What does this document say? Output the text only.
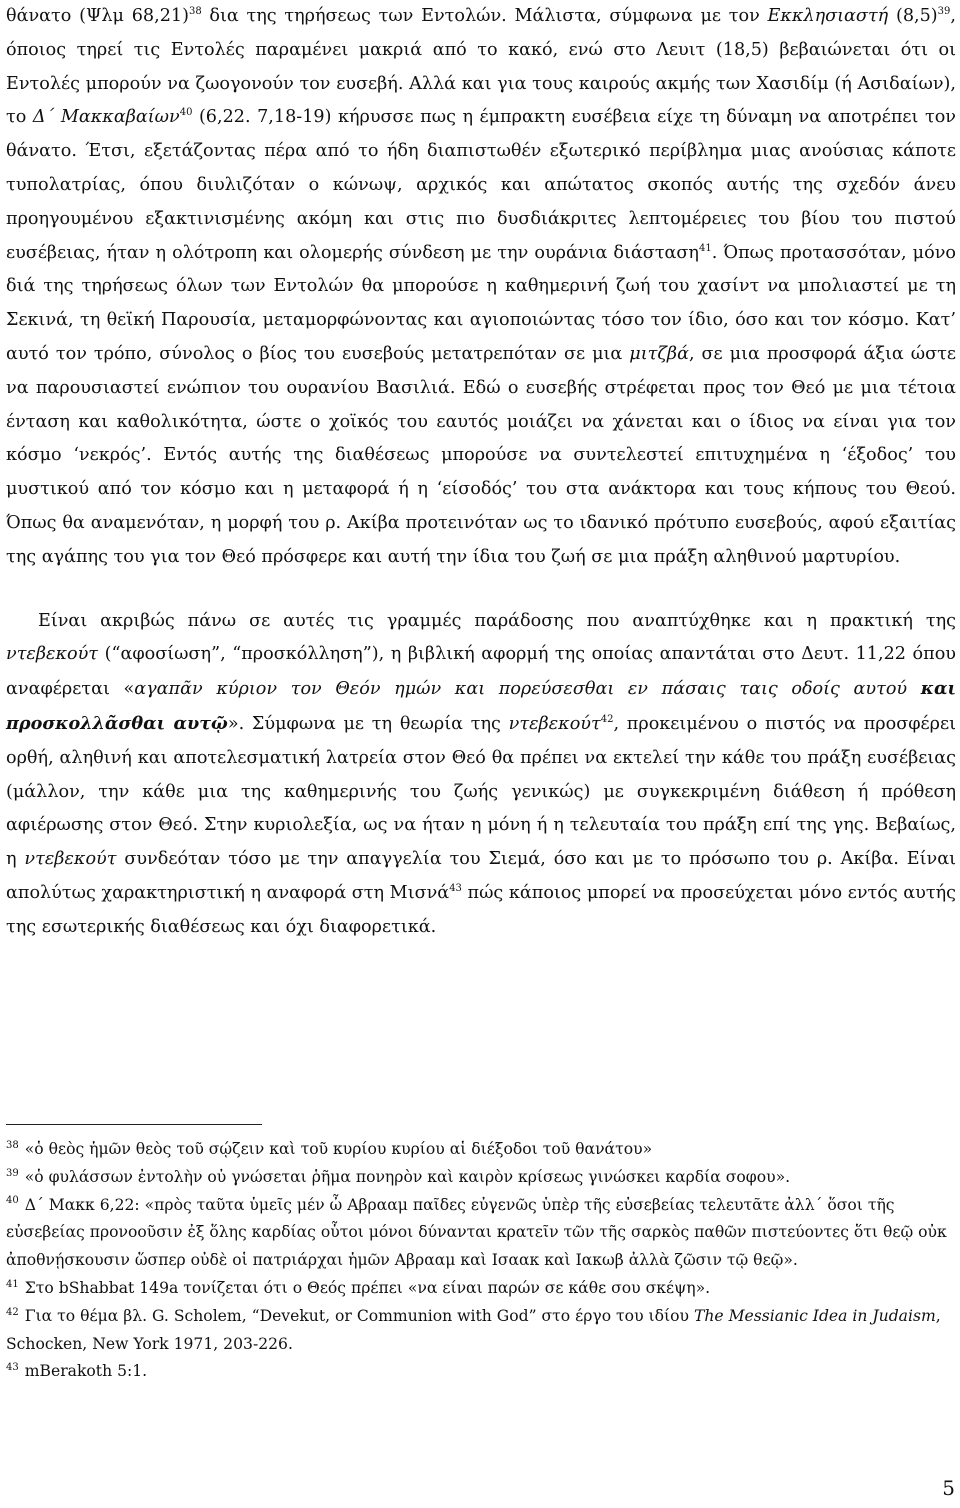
θάνατο (Ψλμ 68,21)$^{38}$ δια της τηρήσεως των Εντολών. Μάλιστα, σύμφωνα με τον Εκκλησιαστή $(8,5)^{39}$, όποιος τηρεί τις Εντολές παραμένει μακριά από το κακό, ενώ στο Λευιτ (18,5) βεβαιώνεται ότι οι Εντολές μπορούν να ζωογονούν τον ευσεβή. Αλλά και για τους καιρούς ακμής των Χασιδίμ (ή Ασιδαίων), το Δ΄ Μακκαβαίων$^{40}$ (6,22. 7,18-19) κήρυσσε πως η έμπρακτη ευσέβεια είχε τη δύναμη να αποτρέπει τον θάνατο. Έτσι, εξετάζοντας πέρα από το ήδη διαπιστωθέν εξωτερικό περίβλημα μιας ανούσιας κάποτε τυπολατρίας, όπου διυλιζόταν ο κώνωψ, αρχικός και απώτατος σκοπός αυτής της σχεδόν άνευ προηγουμένου εξακτινισμένης ακόμη και στις πιο δυσδιάκριτες λεπτομέρειες του βίου του πιστού ευσέβειας, ήταν η ολότροπη και ολομερής σύνδεση με την ουράνια διάσταση$^{41}$. Όπως προτασσόταν, μόνο διά της τηρήσεως όλων των Εντολών θα μπορούσε η καθημερινή ζωή του χασίντ να μπολιαστεί με τη Σεκινά, τη θεϊκή Παρουσία, μεταμορφώνοντας και αγιοποιώντας τόσο τον ίδιο, όσο και τον κόσμο. Κατ’ αυτό τον τρόπο, σύνολος ο βίος του ευσεβούς μετατρεπόταν σε μια μιτζβά, σε μια προσφορά άξια ώστε να παρουσιαστεί ενώπιον του ουρανίου Βασιλιά. Εδώ ο ευσεβής στρέφεται προς τον Θεό με μια τέτοια ένταση και καθολικότητα, ώστε ο χοϊκός του εαυτός μοιάζει να χάνεται και ο ίδιος να είναι για τον κόσμο ‘νεκρός’. Εντός αυτής της διαθέσεως μπορούσε να συντελεστεί επιτυχημένα η ‘έξοδος’ του μυστικού από τον κόσμο και η μεταφορά ή η ‘είσοδός’ του στα ανάκτορα και τους κήπους του Θεού. Όπως θα αναμενόταν, η μορφή του ρ. Ακίβα προτεινόταν ως το ιδανικό πρότυπο ευσεβούς, αφού εξαιτίας της αγάπης του για τον Θεό πρόσφερε και αυτή την ίδια του ζωή σε μια πράξη αληθινού μαρτυρίου.

Είναι ακριβώς πάνω σε αυτές τις γραμμές παράδοσης που αναπτύχθηκε και η πρακτική της ντεβεκούτ (“αφοσίωση”, “προσκόλληση”), η βιβλική αφορμή της οποίας απαντάται στο Δευτ. 11,22 όπου αναφέρεται «αγαπᾶν κύριον τον Θεόν ημών και πορεύσεσθαι εν πάσαις ταις οδοίς αυτού και προσκολλᾶσθαι αυτῷ». Σύμφωνα με τη θεωρία της ντεβεκούτ$^{42}$, προκειμένου ο πιστός να προσφέρει ορθή, αληθινή και αποτελεσματική λατρεία στον Θεό θα πρέπει να εκτελεί την κάθε του πράξη ευσέβειας (μάλλον, την κάθε μια της καθημερινής του ζωής γενικώς) με συγκεκριμένη διάθεση ή πρόθεση αφιέρωσης στον Θεό. Στην κυριολεξία, ως να ήταν η μόνη ή η τελευταία του πράξη επί της γης. Βεβαίως, η ντεβεκούτ συνδεόταν τόσο με την απαγγελία του Σιεμά, όσο και με το πρόσωπο του ρ. Ακίβα. Είναι απολύτως χαρακτηριστική η αναφορά στη Μισνά$^{43}$ πώς κάποιος μπορεί να προσεύχεται μόνο εντός αυτής της εσωτερικής διαθέσεως και όχι διαφορετικά.

$^{38}$ «ὁ θεὸς ἡμῶν θεὸς τοῦ σῴζειν καὶ τοῦ κυρίου κυρίου αἱ διέξοδοι τοῦ θανάτου»

$^{39}$ «ὁ φυλάσσων ἐντολὴν οὐ γνώσεται ῥῆμα πονηρὸν καὶ καιρὸν κρίσεως γινώσκει καρδία σοφου».

$^{40}$ Δ΄ Μακκ 6,22: «πρὸς ταῦτα ὑμεῖς μέν ὦ Αβρααμ παῖδες εὐγενῶς ὑπὲρ τῆς εὐσεβείας τελευτᾶτε ἀλλ΄ ὅσοι τῆς εὐσεβείας προνοοῦσιν ἐξ ὅλης καρδίας οὗτοι μόνοι δύνανται κρατεῖν τῶν τῆς σαρκὸς παθῶν πιστεύοντες ὅτι θεῷ οὐκ ἀποθνῄσκουσιν ὥσπερ οὐδὲ οἱ πατριάρχαι ἡμῶν Αβρααμ καὶ Ισαακ καὶ Ιακωβ ἀλλὰ ζῶσιν τῷ θεῷ».

$^{41}$ Στο bShabbat 149a τονίζεται ότι ο Θεός πρέπει «να είναι παρών σε κάθε σου σκέψη».

$^{42}$ Για το θέμα βλ. G. Scholem, “Devekut, or Communion with God” στο έργο του ιδίου The Messianic Idea in Judaism, Schocken, New York 1971, 203-226.

$^{43}$ mBerakoth 5:1.

5
